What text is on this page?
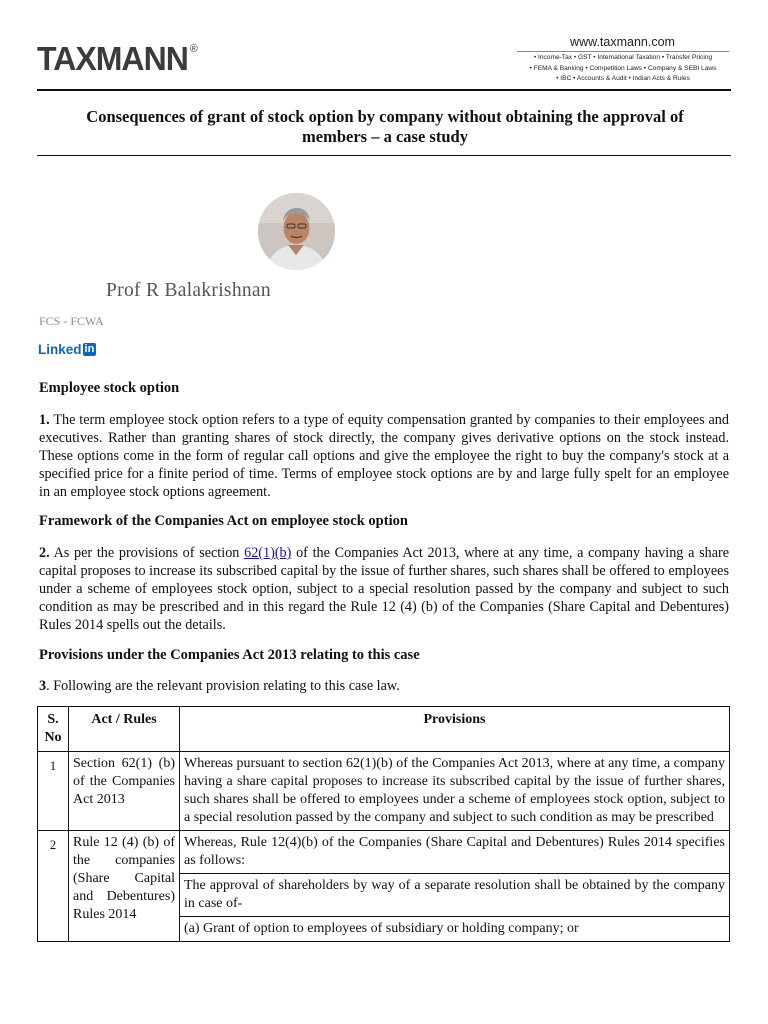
TAXMANN ®	www.taxmann.com
• Income-Tax • GST • International Taxation • Transfer Pricing
• FEMA & Banking • Competition Laws • Company & SEBI Laws
• IBC • Accounts & Audit • Indian Acts & Rules
Consequences of grant of stock option by company without obtaining the approval of members – a case study
Prof R Balakrishnan
FCS - FCWA
Linked in
Employee stock option

1. The term employee stock option refers to a type of equity compensation granted by companies to their employees and executives. Rather than granting shares of stock directly, the company gives derivative options on the stock instead. These options come in the form of regular call options and give the employee the right to buy the company's stock at a specified price for a finite period of time. Terms of employee stock options are by and large fully spelt for an employee in an employee stock options agreement.

Framework of the Companies Act on employee stock option

2. As per the provisions of section 62(1)(b) of the Companies Act 2013, where at any time, a company having a share capital proposes to increase its subscribed capital by the issue of further shares, such shares shall be offered to employees under a scheme of employees stock option, subject to a special resolution passed by the company and subject to such condition as may be prescribed and in this regard the Rule 12 (4) (b) of the Companies (Share Capital and Debentures) Rules 2014 spells out the details.

Provisions under the Companies Act 2013 relating to this case

3. Following are the relevant provision relating to this case law.

S. No	Act / Rules	Provisions
1	Section 62(1) (b) of the Companies Act 2013	Whereas pursuant to section 62(1)(b) of the Companies Act 2013, where at any time, a company having a share capital proposes to increase its subscribed capital by the issue of further shares, such shares shall be offered to employees under a scheme of employees stock option, subject to a special resolution passed by the company and subject to such condition as may be prescribed
2	Rule 12 (4) (b) of the companies (Share Capital and Debentures) Rules 2014	Whereas, Rule 12(4)(b) of the Companies (Share Capital and Debentures) Rules 2014 specifies as follows:
		The approval of shareholders by way of a separate resolution shall be obtained by the company in case of-
		(a) Grant of option to employees of subsidiary or holding company; or
